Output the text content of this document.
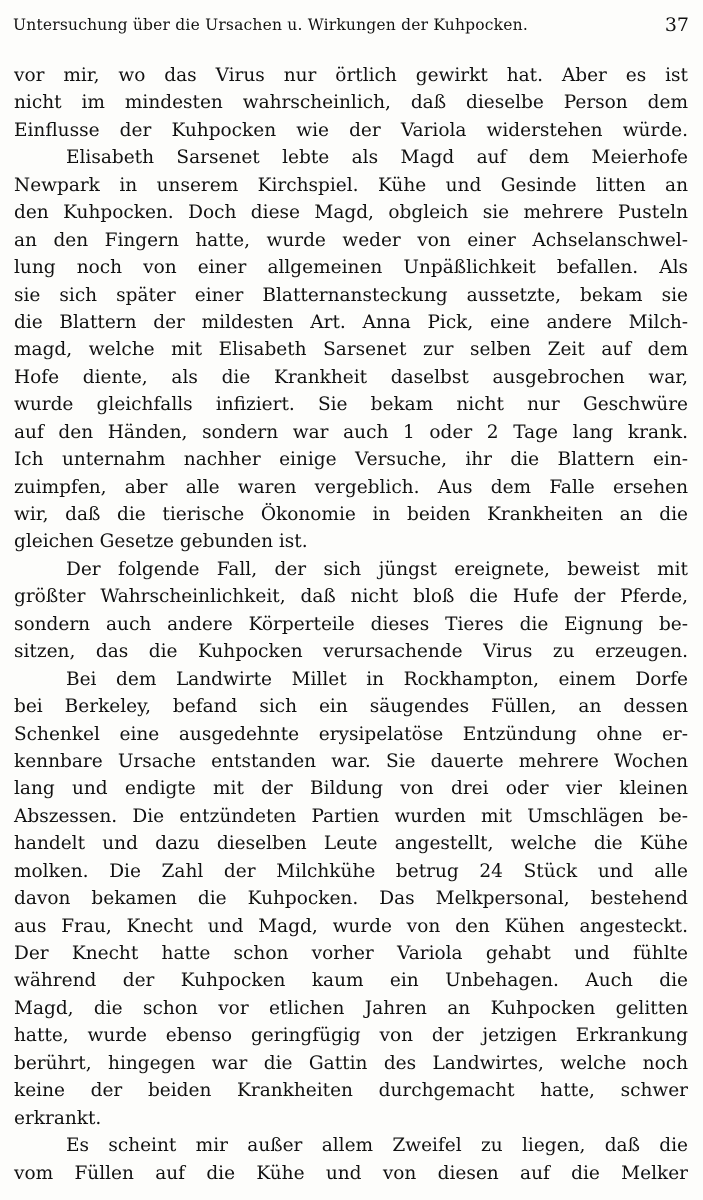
Untersuchung über die Ursachen u. Wirkungen der Kuhpocken.	37
vor mir, wo das Virus nur örtlich gewirkt hat. Aber es ist
nicht im mindesten wahrscheinlich, daß dieselbe Person dem
Einflusse der Kuhpocken wie der Variola widerstehen würde.
Elisabeth Sarsenet lebte als Magd auf dem Meierhofe
Newpark in unserem Kirchspiel. Kühe und Gesinde litten an
den Kuhpocken. Doch diese Magd, obgleich sie mehrere Pusteln
an den Fingern hatte, wurde weder von einer Achselanschwel-
lung noch von einer allgemeinen Unpäßlichkeit befallen. Als
sie sich später einer Blatternansteckung aussetzte, bekam sie
die Blattern der mildesten Art. Anna Pick, eine andere Milch-
magd, welche mit Elisabeth Sarsenet zur selben Zeit auf dem
Hofe diente, als die Krankheit daselbst ausgebrochen war,
wurde gleichfalls infiziert. Sie bekam nicht nur Geschwüre
auf den Händen, sondern war auch 1 oder 2 Tage lang krank.
Ich unternahm nachher einige Versuche, ihr die Blattern ein-
zuimpfen, aber alle waren vergeblich. Aus dem Falle ersehen
wir, daß die tierische Ökonomie in beiden Krankheiten an die
gleichen Gesetze gebunden ist.
Der folgende Fall, der sich jüngst ereignete, beweist mit
größter Wahrscheinlichkeit, daß nicht bloß die Hufe der Pferde,
sondern auch andere Körperteile dieses Tieres die Eignung be-
sitzen, das die Kuhpocken verursachende Virus zu erzeugen.
Bei dem Landwirte Millet in Rockhampton, einem Dorfe
bei Berkeley, befand sich ein säugendes Füllen, an dessen
Schenkel eine ausgedehnte erysipelatöse Entzündung ohne er-
kennbare Ursache entstanden war. Sie dauerte mehrere Wochen
lang und endigte mit der Bildung von drei oder vier kleinen
Abszessen. Die entzündeten Partien wurden mit Umschlägen be-
handelt und dazu dieselben Leute angestellt, welche die Kühe
molken. Die Zahl der Milchkühe betrug 24 Stück und alle
davon bekamen die Kuhpocken. Das Melkpersonal, bestehend
aus Frau, Knecht und Magd, wurde von den Kühen angesteckt.
Der Knecht hatte schon vorher Variola gehabt und fühlte
während der Kuhpocken kaum ein Unbehagen. Auch die
Magd, die schon vor etlichen Jahren an Kuhpocken gelitten
hatte, wurde ebenso geringfügig von der jetzigen Erkrankung
berührt, hingegen war die Gattin des Landwirtes, welche noch
keine der beiden Krankheiten durchgemacht hatte, schwer
erkrankt.
Es scheint mir außer allem Zweifel zu liegen, daß die
vom Füllen auf die Kühe und von diesen auf die Melker
